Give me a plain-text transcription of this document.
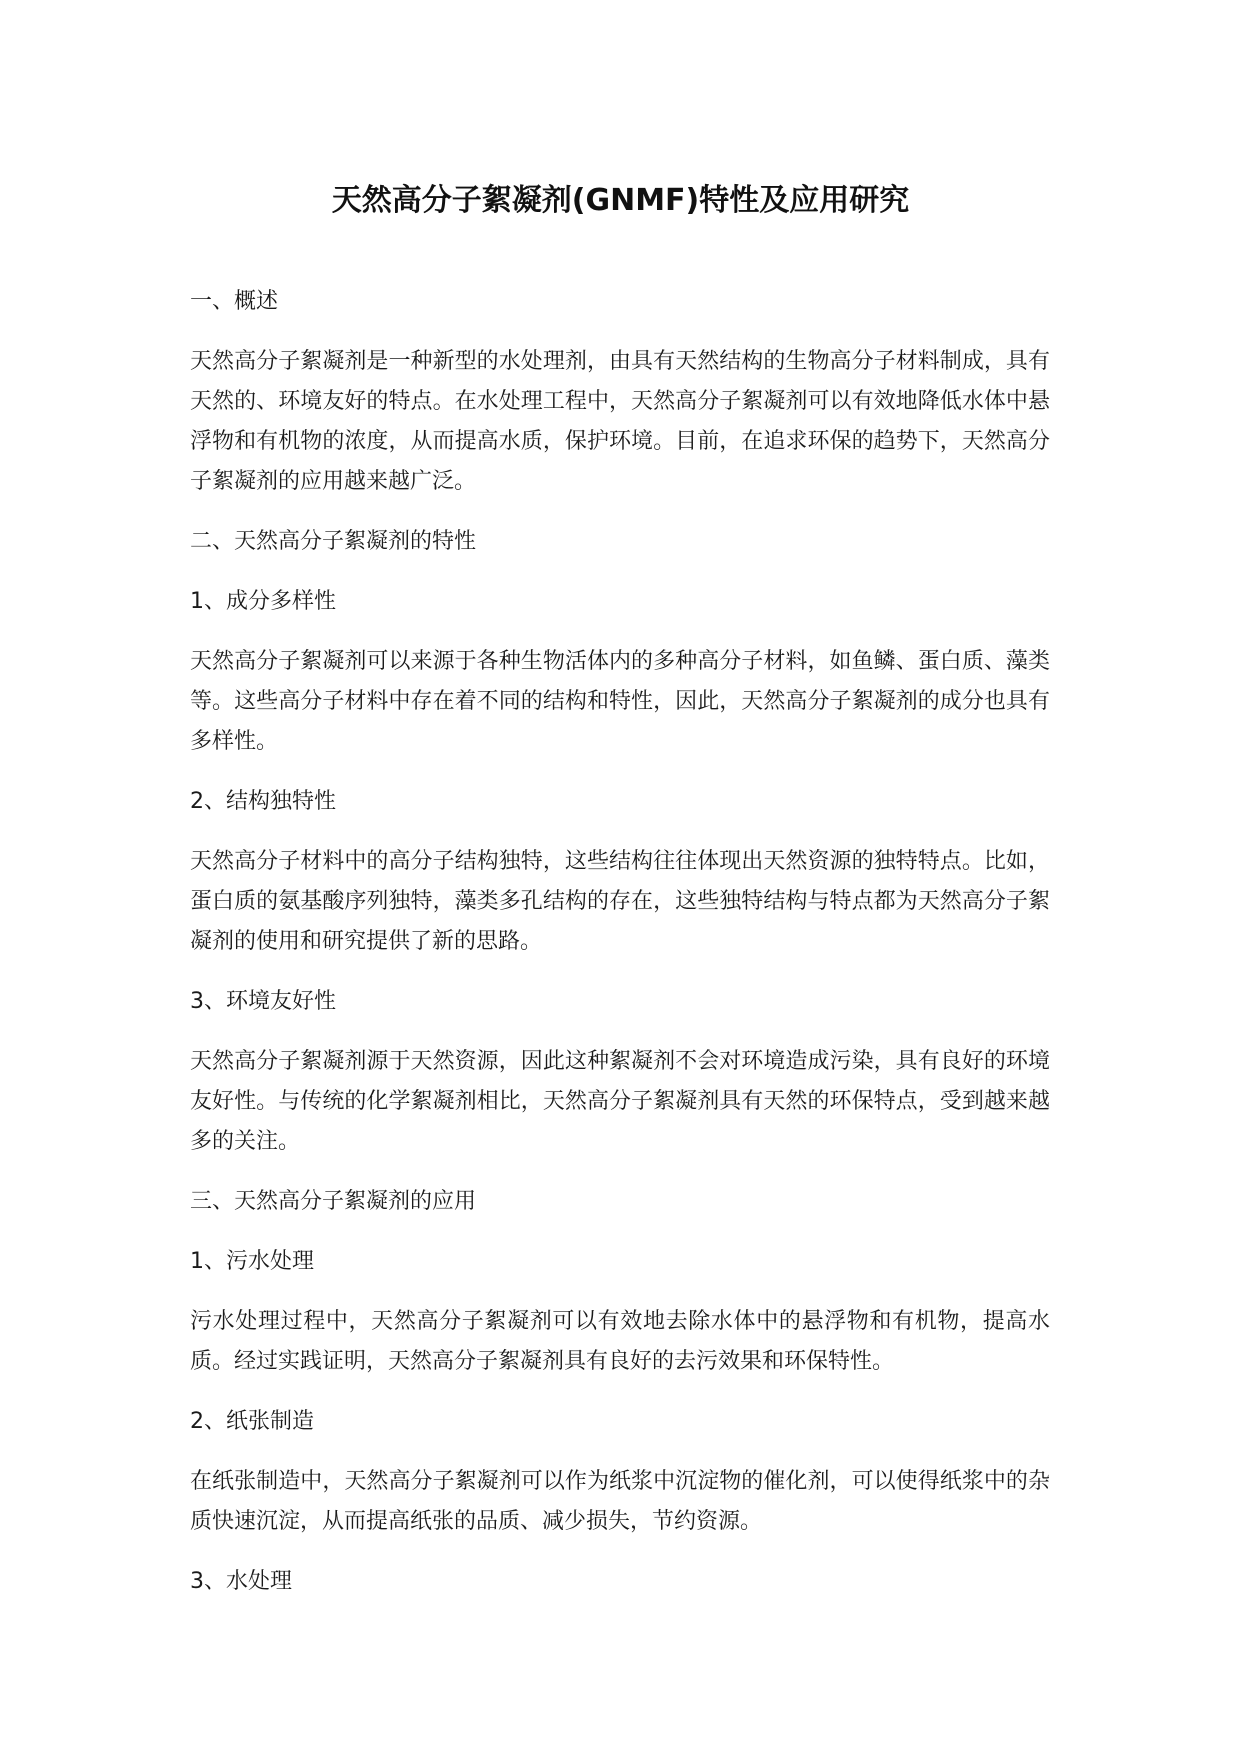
天然高分子絮凝剂(GNMF)特性及应用研究

一、概述

天然高分子絮凝剂是一种新型的水处理剂，由具有天然结构的生物高分子材料制成，具有天然的、环境友好的特点。在水处理工程中，天然高分子絮凝剂可以有效地降低水体中悬浮物和有机物的浓度，从而提高水质，保护环境。目前，在追求环保的趋势下，天然高分子絮凝剂的应用越来越广泛。

二、天然高分子絮凝剂的特性

1、成分多样性

天然高分子絮凝剂可以来源于各种生物活体内的多种高分子材料，如鱼鳞、蛋白质、藻类等。这些高分子材料中存在着不同的结构和特性，因此，天然高分子絮凝剂的成分也具有多样性。

2、结构独特性

天然高分子材料中的高分子结构独特，这些结构往往体现出天然资源的独特特点。比如，蛋白质的氨基酸序列独特，藻类多孔结构的存在，这些独特结构与特点都为天然高分子絮凝剂的使用和研究提供了新的思路。

3、环境友好性

天然高分子絮凝剂源于天然资源，因此这种絮凝剂不会对环境造成污染，具有良好的环境友好性。与传统的化学絮凝剂相比，天然高分子絮凝剂具有天然的环保特点，受到越来越多的关注。

三、天然高分子絮凝剂的应用

1、污水处理

污水处理过程中，天然高分子絮凝剂可以有效地去除水体中的悬浮物和有机物，提高水质。经过实践证明，天然高分子絮凝剂具有良好的去污效果和环保特性。

2、纸张制造

在纸张制造中，天然高分子絮凝剂可以作为纸浆中沉淀物的催化剂，可以使得纸浆中的杂质快速沉淀，从而提高纸张的品质、减少损失，节约资源。

3、水处理
